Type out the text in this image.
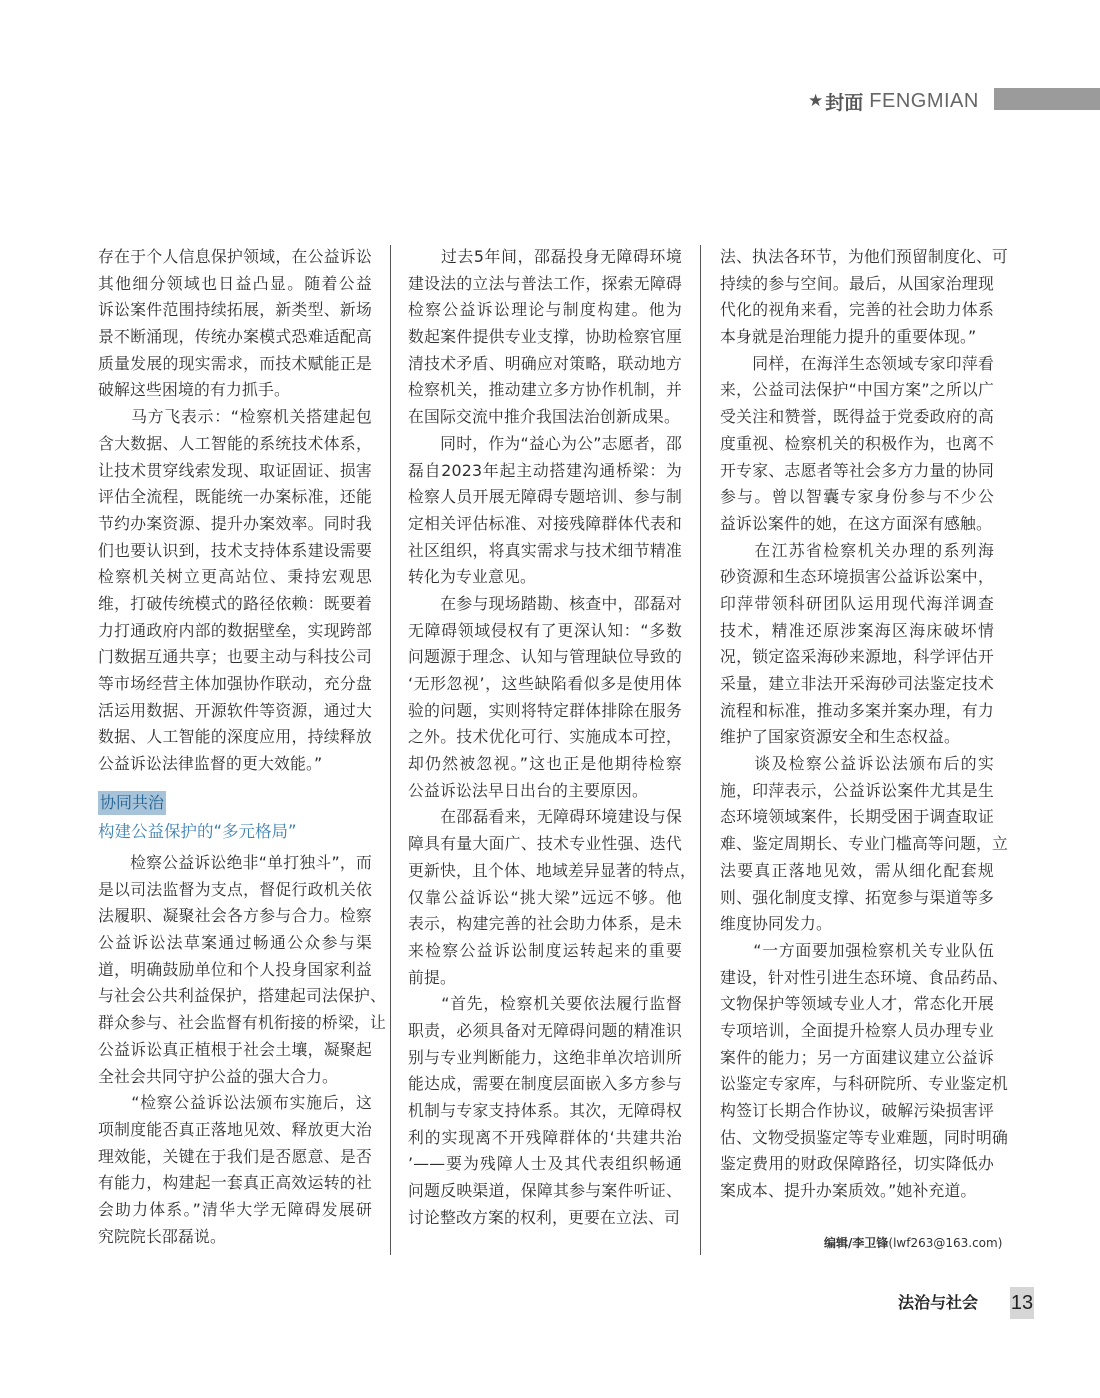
★ 封面 FENGMIAN
存在于个人信息保护领域，在公益诉讼
其他细分领域也日益凸显。随着公益
诉讼案件范围持续拓展，新类型、新场
景不断涌现，传统办案模式恐难适配高
质量发展的现实需求，而技术赋能正是
破解这些困境的有力抓手。
　　马方飞表示：“检察机关搭建起包
含大数据、人工智能的系统技术体系，
让技术贯穿线索发现、取证固证、损害
评估全流程，既能统一办案标准，还能
节约办案资源、提升办案效率。同时我
们也要认识到，技术支持体系建设需要
检察机关树立更高站位、秉持宏观思
维，打破传统模式的路径依赖：既要着
力打通政府内部的数据壁垒，实现跨部
门数据互通共享；也要主动与科技公司
等市场经营主体加强协作联动，充分盘
活运用数据、开源软件等资源，通过大
数据、人工智能的深度应用，持续释放
公益诉讼法律监督的更大效能。”
协同共治
构建公益保护的“多元格局”
　　检察公益诉讼绝非“单打独斗”，而
是以司法监督为支点，督促行政机关依
法履职、凝聚社会各方参与合力。检察
公益诉讼法草案通过畅通公众参与渠
道，明确鼓励单位和个人投身国家利益
与社会公共利益保护，搭建起司法保护、
群众参与、社会监督有机衔接的桥梁，让
公益诉讼真正植根于社会土壤，凝聚起
全社会共同守护公益的强大合力。
　　“检察公益诉讼法颁布实施后，这
项制度能否真正落地见效、释放更大治
理效能，关键在于我们是否愿意、是否
有能力，构建起一套真正高效运转的社
会助力体系。”清华大学无障碍发展研
究院院长邵磊说。
　　过去5年间，邵磊投身无障碍环境
建设法的立法与普法工作，探索无障碍
检察公益诉讼理论与制度构建。他为
数起案件提供专业支撑，协助检察官厘
清技术矛盾、明确应对策略，联动地方
检察机关，推动建立多方协作机制，并
在国际交流中推介我国法治创新成果。
　　同时，作为“益心为公”志愿者，邵
磊自2023年起主动搭建沟通桥梁：为
检察人员开展无障碍专题培训、参与制
定相关评估标准、对接残障群体代表和
社区组织，将真实需求与技术细节精准
转化为专业意见。
　　在参与现场踏勘、核查中，邵磊对
无障碍领域侵权有了更深认知：“多数
问题源于理念、认知与管理缺位导致的
‘无形忽视’，这些缺陷看似多是使用体
验的问题，实则将特定群体排除在服务
之外。技术优化可行、实施成本可控，
却仍然被忽视。”这也正是他期待检察
公益诉讼法早日出台的主要原因。
　　在邵磊看来，无障碍环境建设与保
障具有量大面广、技术专业性强、迭代
更新快，且个体、地域差异显著的特点，
仅靠公益诉讼“挑大梁”远远不够。他
表示，构建完善的社会助力体系，是未
来检察公益诉讼制度运转起来的重要
前提。
　　“首先，检察机关要依法履行监督
职责，必须具备对无障碍问题的精准识
别与专业判断能力，这绝非单次培训所
能达成，需要在制度层面嵌入多方参与
机制与专家支持体系。其次，无障碍权
利的实现离不开残障群体的‘共建共治
’——要为残障人士及其代表组织畅通
问题反映渠道，保障其参与案件听证、
讨论整改方案的权利，更要在立法、司
法、执法各环节，为他们预留制度化、可
持续的参与空间。最后，从国家治理现
代化的视角来看，完善的社会助力体系
本身就是治理能力提升的重要体现。”
　　同样，在海洋生态领域专家印萍看
来，公益司法保护“中国方案”之所以广
受关注和赞誉，既得益于党委政府的高
度重视、检察机关的积极作为，也离不
开专家、志愿者等社会多方力量的协同
参与。曾以智囊专家身份参与不少公
益诉讼案件的她，在这方面深有感触。
　　在江苏省检察机关办理的系列海
砂资源和生态环境损害公益诉讼案中，
印萍带领科研团队运用现代海洋调查
技术，精准还原涉案海区海床破坏情
况，锁定盗采海砂来源地，科学评估开
采量，建立非法开采海砂司法鉴定技术
流程和标准，推动多案并案办理，有力
维护了国家资源安全和生态权益。
　　谈及检察公益诉讼法颁布后的实
施，印萍表示，公益诉讼案件尤其是生
态环境领域案件，长期受困于调查取证
难、鉴定周期长、专业门槛高等问题，立
法要真正落地见效，需从细化配套规
则、强化制度支撑、拓宽参与渠道等多
维度协同发力。
　　“一方面要加强检察机关专业队伍
建设，针对性引进生态环境、食品药品、
文物保护等领域专业人才，常态化开展
专项培训，全面提升检察人员办理专业
案件的能力；另一方面建议建立公益诉
讼鉴定专家库，与科研院所、专业鉴定机
构签订长期合作协议，破解污染损害评
估、文物受损鉴定等专业难题，同时明确
鉴定费用的财政保障路径，切实降低办
案成本、提升办案质效。”她补充道。
编辑/李卫锋(lwf263@163.com)
法治与社会 13
